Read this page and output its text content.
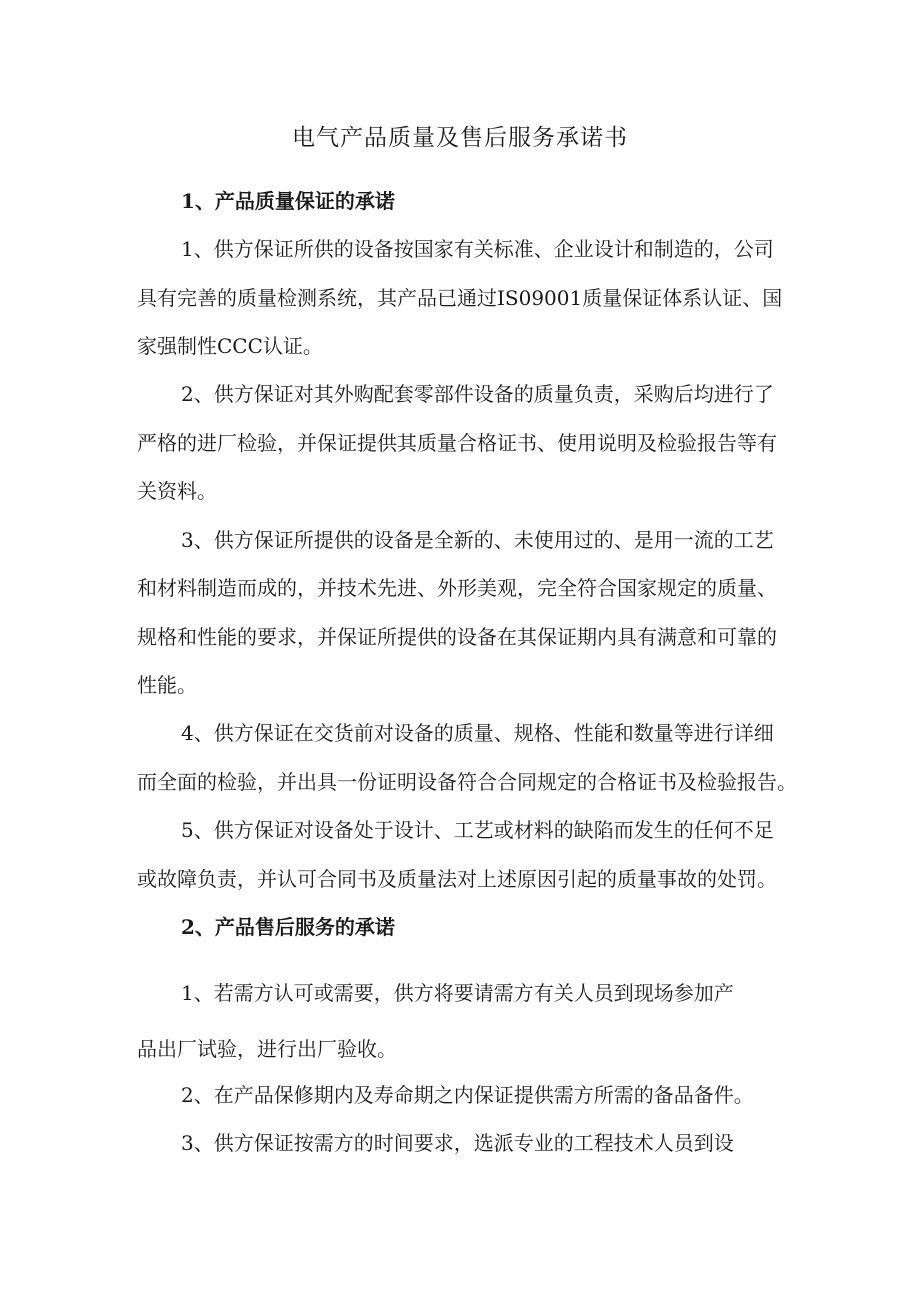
电气产品质量及售后服务承诺书
1、产品质量保证的承诺
1、供方保证所供的设备按国家有关标准、企业设计和制造的，公司
具有完善的质量检测系统，其产品已通过IS09001质量保证体系认证、国
家强制性CCC认证。
2、供方保证对其外购配套零部件设备的质量负责，采购后均进行了
严格的进厂检验，并保证提供其质量合格证书、使用说明及检验报告等有
关资料。
3、供方保证所提供的设备是全新的、未使用过的、是用一流的工艺
和材料制造而成的，并技术先进、外形美观，完全符合国家规定的质量、
规格和性能的要求，并保证所提供的设备在其保证期内具有满意和可靠的
性能。
4、供方保证在交货前对设备的质量、规格、性能和数量等进行详细
而全面的检验，并出具一份证明设备符合合同规定的合格证书及检验报告。
5、供方保证对设备处于设计、工艺或材料的缺陷而发生的任何不足
或故障负责，并认可合同书及质量法对上述原因引起的质量事故的处罚。
2、产品售后服务的承诺
1、若需方认可或需要，供方将要请需方有关人员到现场参加产
品出厂试验，进行出厂验收。
2、在产品保修期内及寿命期之内保证提供需方所需的备品备件。
3、供方保证按需方的时间要求，选派专业的工程技术人员到设
